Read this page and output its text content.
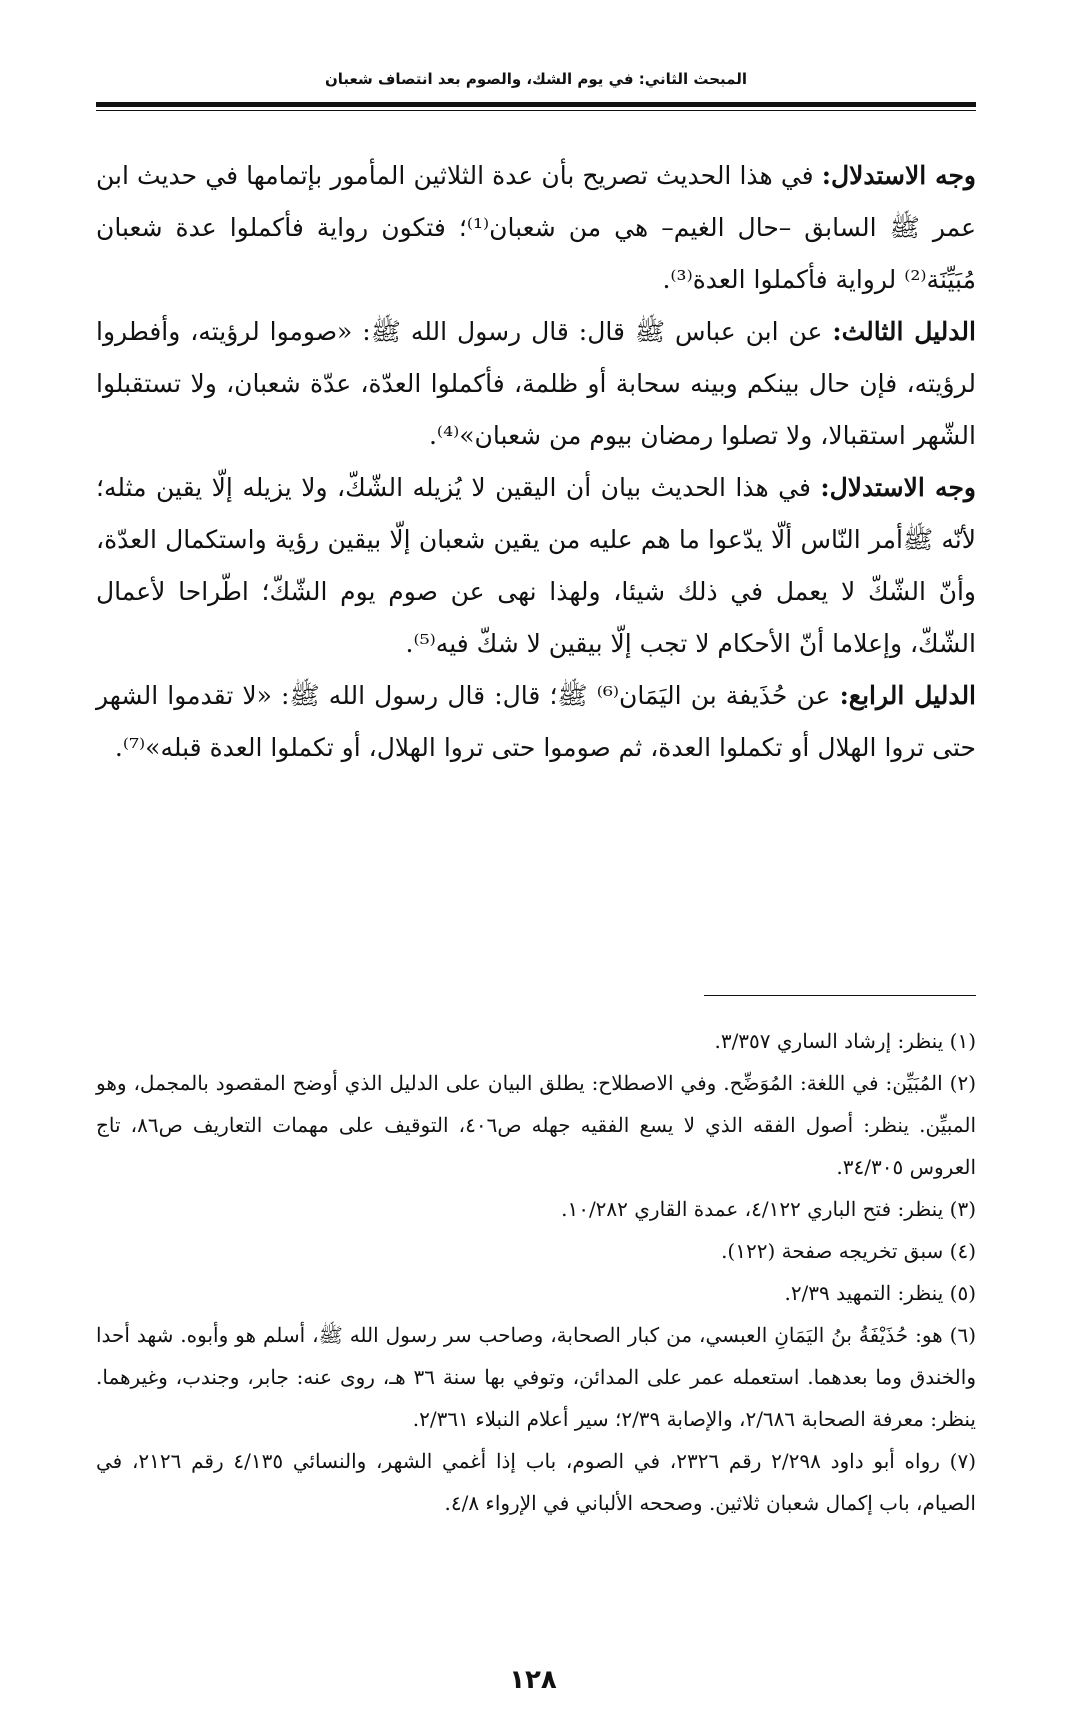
المبحث الثاني: في يوم الشك، والصوم بعد انتصاف شعبان

وجه الاستدلال: في هذا الحديث تصريح بأن عدة الثلاثين المأمور بإتمامها في حديث ابن عمر ﷺ السابق –حال الغيم– هي من شعبان⁽¹⁾؛ فتكون رواية فأكملوا عدة شعبان مُبَيِّنَة⁽²⁾ لرواية فأكملوا العدة⁽³⁾.

الدليل الثالث: عن ابن عباس ﷺ قال: قال رسول الله ﷺ: «صوموا لرؤيته، وأفطروا لرؤيته، فإن حال بينكم وبينه سحابة أو ظلمة، فأكملوا العدّة، عدّة شعبان، ولا تستقبلوا الشّهر استقبالا، ولا تصلوا رمضان بيوم من شعبان»⁽⁴⁾.

وجه الاستدلال: في هذا الحديث بيان أن اليقين لا يُزيله الشّكّ، ولا يزيله إلّا يقين مثله؛ لأنّه ﷺأمر النّاس ألّا يدّعوا ما هم عليه من يقين شعبان إلّا بيقين رؤية واستكمال العدّة، وأنّ الشّكّ لا يعمل في ذلك شيئا، ولهذا نهى عن صوم يوم الشّكّ؛ اطّراحا لأعمال الشّكّ، وإعلاما أنّ الأحكام لا تجب إلّا بيقين لا شكّ فيه⁽⁵⁾.

الدليل الرابع: عن حُذَيفة بن اليَمَان⁽⁶⁾ ﷺ؛ قال: قال رسول الله ﷺ: «لا تقدموا الشهر حتى تروا الهلال أو تكملوا العدة، ثم صوموا حتى تروا الهلال، أو تكملوا العدة قبله»⁽⁷⁾.

(١) ينظر: إرشاد الساري ٣/٣٥٧.

(٢) المُبَيِّن: في اللغة: المُوَضِّح. وفي الاصطلاح: يطلق البيان على الدليل الذي أوضح المقصود بالمجمل، وهو المبيِّن. ينظر: أصول الفقه الذي لا يسع الفقيه جهله ص٤٠٦، التوقيف على مهمات التعاريف ص٨٦، تاج العروس ٣٤/٣٠٥.

(٣) ينظر: فتح الباري ٤/١٢٢، عمدة القاري ١٠/٢٨٢.

(٤) سبق تخريجه صفحة (١٢٢).

(٥) ينظر: التمهيد ٢/٣٩.

(٦) هو: حُذَيْفَةُ بنُ اليَمَانِ العبسي، من كبار الصحابة، وصاحب سر رسول الله ﷺ، أسلم هو وأبوه. شهد أحدا والخندق وما بعدهما. استعمله عمر على المدائن، وتوفي بها سنة ٣٦ هـ، روى عنه: جابر، وجندب، وغيرهما. ينظر: معرفة الصحابة ٢/٦٨٦، والإصابة ٢/٣٩؛ سير أعلام النبلاء ٢/٣٦١.

(٧) رواه أبو داود ٢/٢٩٨ رقم ٢٣٢٦، في الصوم، باب إذا أغمي الشهر، والنسائي ٤/١٣٥ رقم ٢١٢٦، في الصيام، باب إكمال شعبان ثلاثين. وصححه الألباني في الإرواء ٤/٨.

١٢٨
